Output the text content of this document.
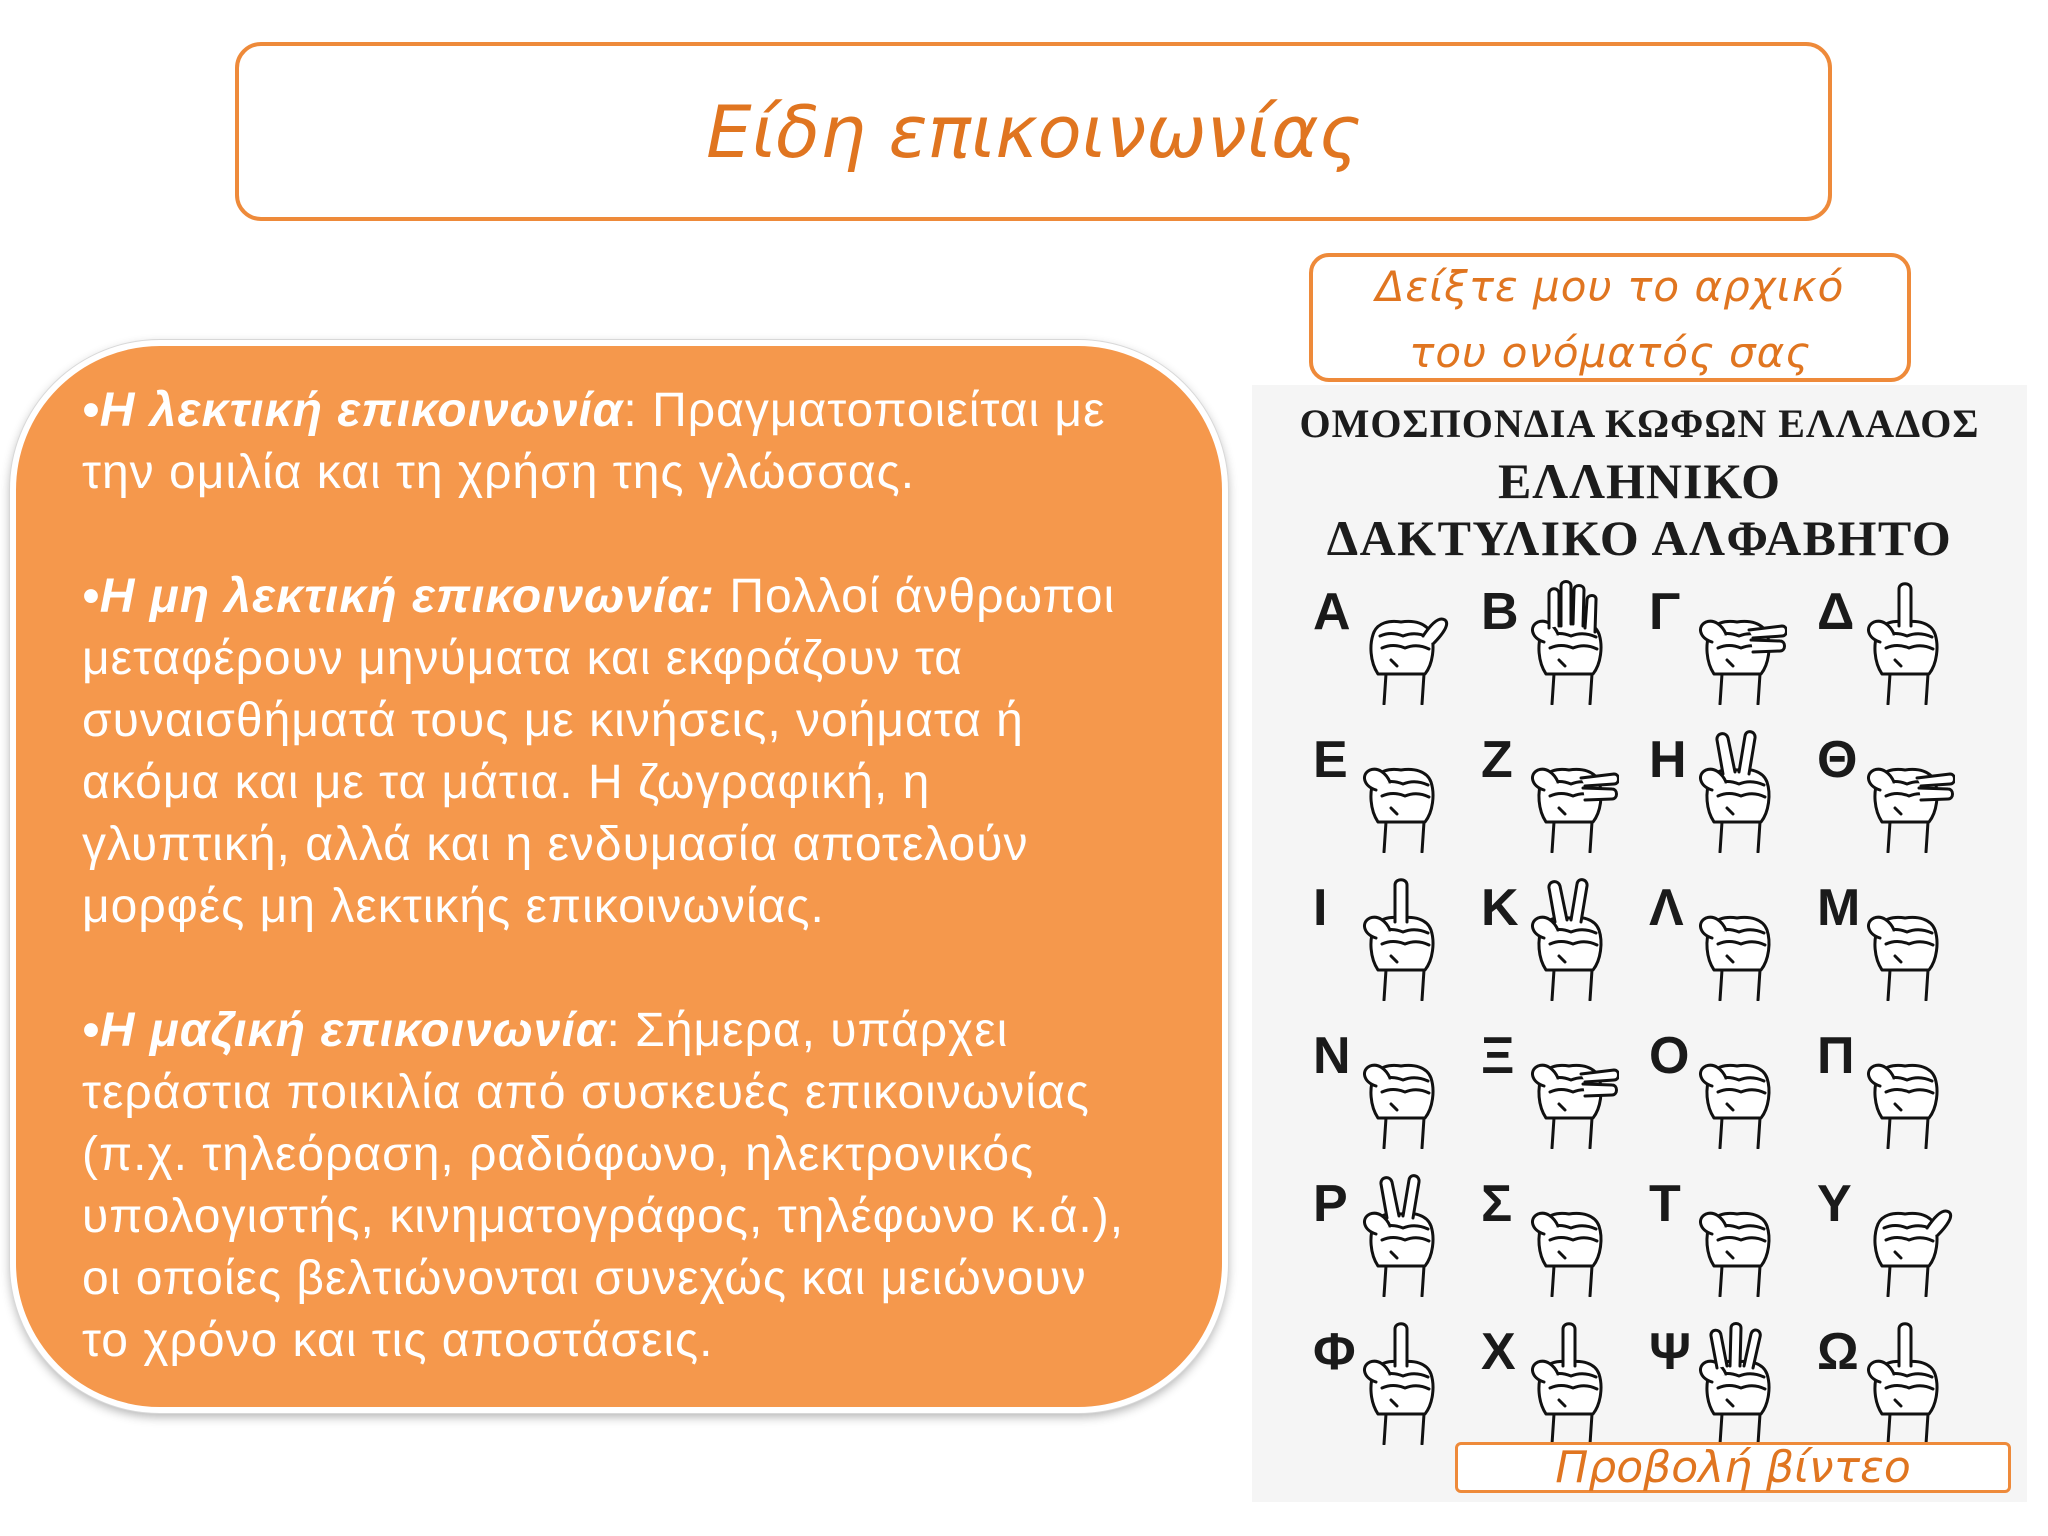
Είδη επικοινωνίας

•Η λεκτική επικοινωνία: Πραγματοποιείται με
την ομιλία και τη χρήση της γλώσσας.

•Η μη λεκτική επικοινωνία: Πολλοί άνθρωποι
μεταφέρουν μηνύματα και εκφράζουν τα
συναισθήματά τους με κινήσεις, νοήματα ή
ακόμα και με τα μάτια. Η ζωγραφική, η
γλυπτική, αλλά και η ενδυμασία αποτελούν
μορφές μη λεκτικής επικοινωνίας.

•Η μαζική επικοινωνία: Σήμερα, υπάρχει
τεράστια ποικιλία από συσκευές επικοινωνίας
(π.χ. τηλεόραση, ραδιόφωνο, ηλεκτρονικός
υπολογιστής, κινηματογράφος, τηλέφωνο κ.ά.),
οι οποίες βελτιώνονται συνεχώς και μειώνουν
το χρόνο και τις αποστάσεις.

Δείξτε μου το αρχικό
του ονόματός σας
ΟΜΟΣΠΟΝΔΙΑ ΚΩΦΩΝ ΕΛΛΑΔΟΣ
ΕΛΛΗΝΙΚΟ
ΔΑΚΤΥΛΙΚΟ ΑΛΦΑΒΗΤΟ
Α	Β	Γ	Δ
Ε	Ζ	Η	Θ
Ι	Κ	Λ	Μ
Ν	Ξ	Ο Π
Ρ	Σ	Τ	Υ
Φ Χ	Ψ Ω
Προβολή βίντεο
